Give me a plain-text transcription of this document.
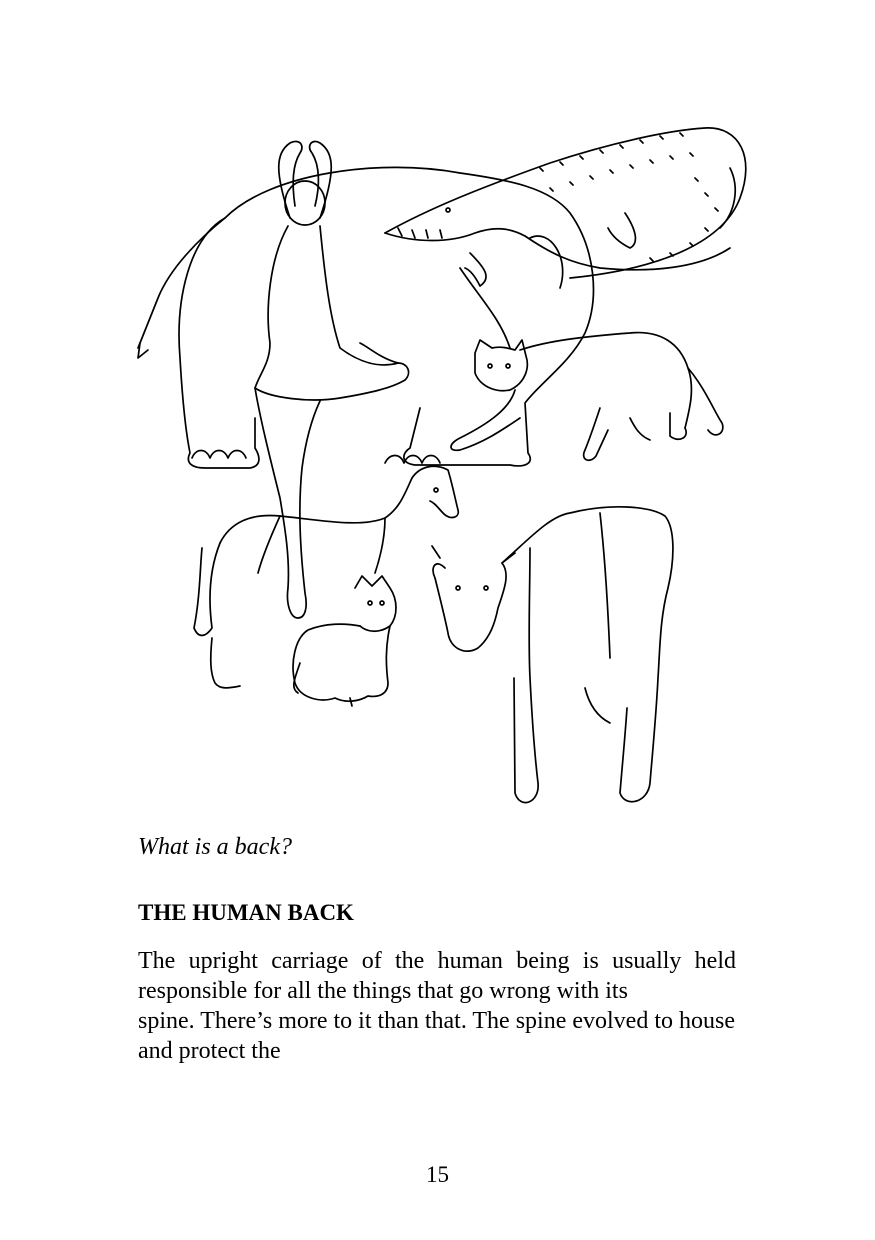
What is a back?
THE HUMAN BACK

The upright carriage of the human being is usually held responsible for all the things that go wrong with its

spine. There’s more to it than that. The spine evolved to house and protect the

15
